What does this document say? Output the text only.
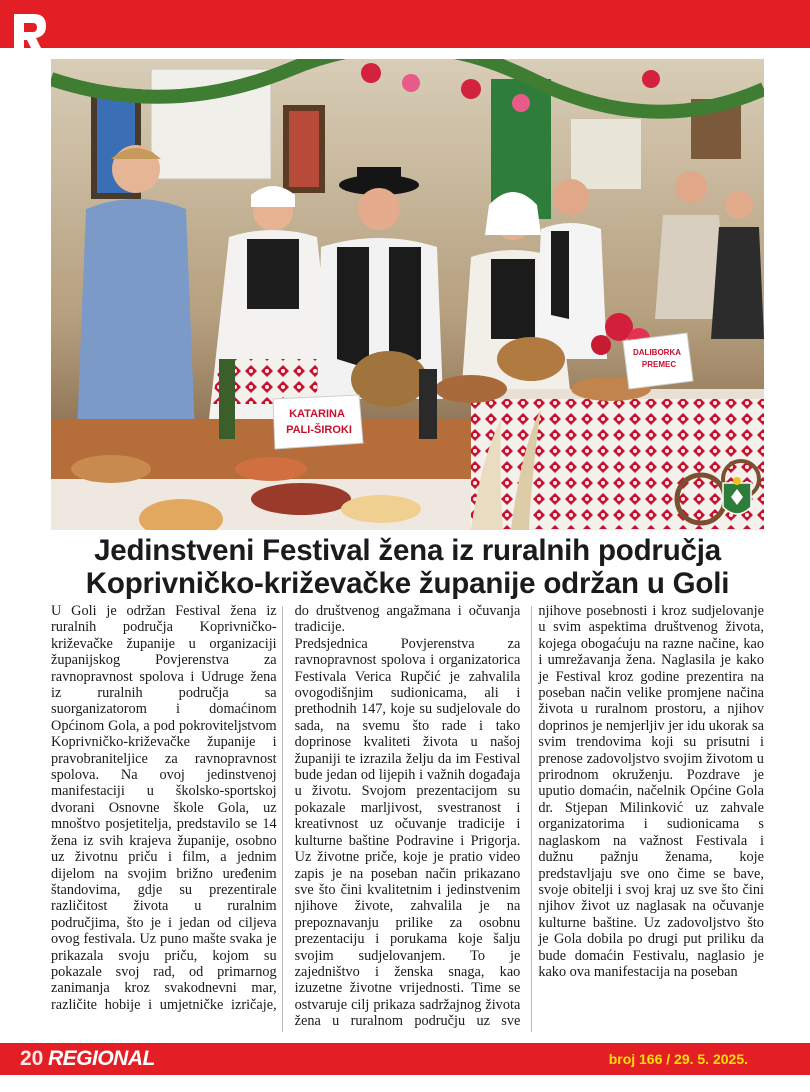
KATARINA
PALI-ŠIROKI
DALIBORKA
PREMEC
Jedinstveni Festival žena iz ruralnih područja Koprivničko-križevačke županije održan u Goli

U Goli je održan Festival žena iz ruralnih područja Koprivničko-križevačke županije u organizaciji županijskog Povjerenstva za ravnopravnost spolova i Udruge žena iz ruralnih područja sa suorganizatorom i domaćinom Općinom Gola, a pod pokroviteljstvom Koprivničko-križevačke županije i pravobraniteljice za ravnopravnost spolova. Na ovoj jedinstvenoj manifestaciji u školsko-sportskoj dvorani Osnovne škole Gola, uz mnoštvo posjetitelja, predstavilo se 14 žena iz svih krajeva županije, osobno uz životnu priču i film, a jednim dijelom na svojim brižno uređenim štandovima, gdje su prezentirale različitost života u ruralnim područjima, što je i jedan od ciljeva ovog festivala. Uz puno mašte svaka je prikazala svoju priču, kojom su pokazale svoj rad, od primarnog zanimanja kroz svakodnevni mar, različite hobije i umjetničke izričaje, do društvenog angažmana i očuvanja tradicije.

Predsjednica Povjerenstva za ravnopravnost spolova i organizatorica Festivala Verica Rupčić je zahvalila ovogodišnjim sudionicama, ali i prethodnih 147, koje su sudjelovale do sada, na svemu što rade i tako doprinose kvaliteti života u našoj županiji te izrazila želju da im Festival bude jedan od lijepih i važnih događaja u životu. Svojom prezentacijom su pokazale marljivost, svestranost i kreativnost uz očuvanje tradicije i kulturne baštine Podravine i Prigorja. Uz životne priče, koje je pratio video zapis je na poseban način prikazano sve što čini kvalitetnim i jedinstvenim njihove živote, zahvalila je na prepoznavanju prilike za osobnu prezentaciju i porukama koje šalju svojim sudjelovanjem. To je zajedništvo i ženska snaga, kao izuzetne životne vrijednosti. Time se ostvaruje cilj prikaza sadržajnog života žena u ruralnom području uz sve njihove posebnosti i kroz sudjelovanje u svim aspektima društvenog života, kojega obogaćuju na razne načine, kao i umrežavanja žena. Naglasila je kako je Festival kroz godine prezentira na poseban način velike promjene načina života u ruralnom prostoru, a njihov doprinos je nemjerljiv jer idu ukorak sa svim trendovima koji su prisutni i prenose zadovoljstvo svojim životom u prirodnom okruženju. Pozdrave je uputio domaćin, načelnik Općine Gola dr. Stjepan Milinković uz zahvale organizatorima i sudionicama s naglaskom na važnost Festivala i dužnu pažnju ženama, koje predstavljaju sve ono čime se bave, svoje obitelji i svoj kraj uz sve što čini njihov život uz naglasak na očuvanje kulturne baštine. Uz zadovoljstvo što je Gola dobila po drugi put priliku da bude domaćin Festivalu, naglasio je kako ova manifestacija na poseban

20 REGIONAL	broj 166 / 29. 5. 2025.
